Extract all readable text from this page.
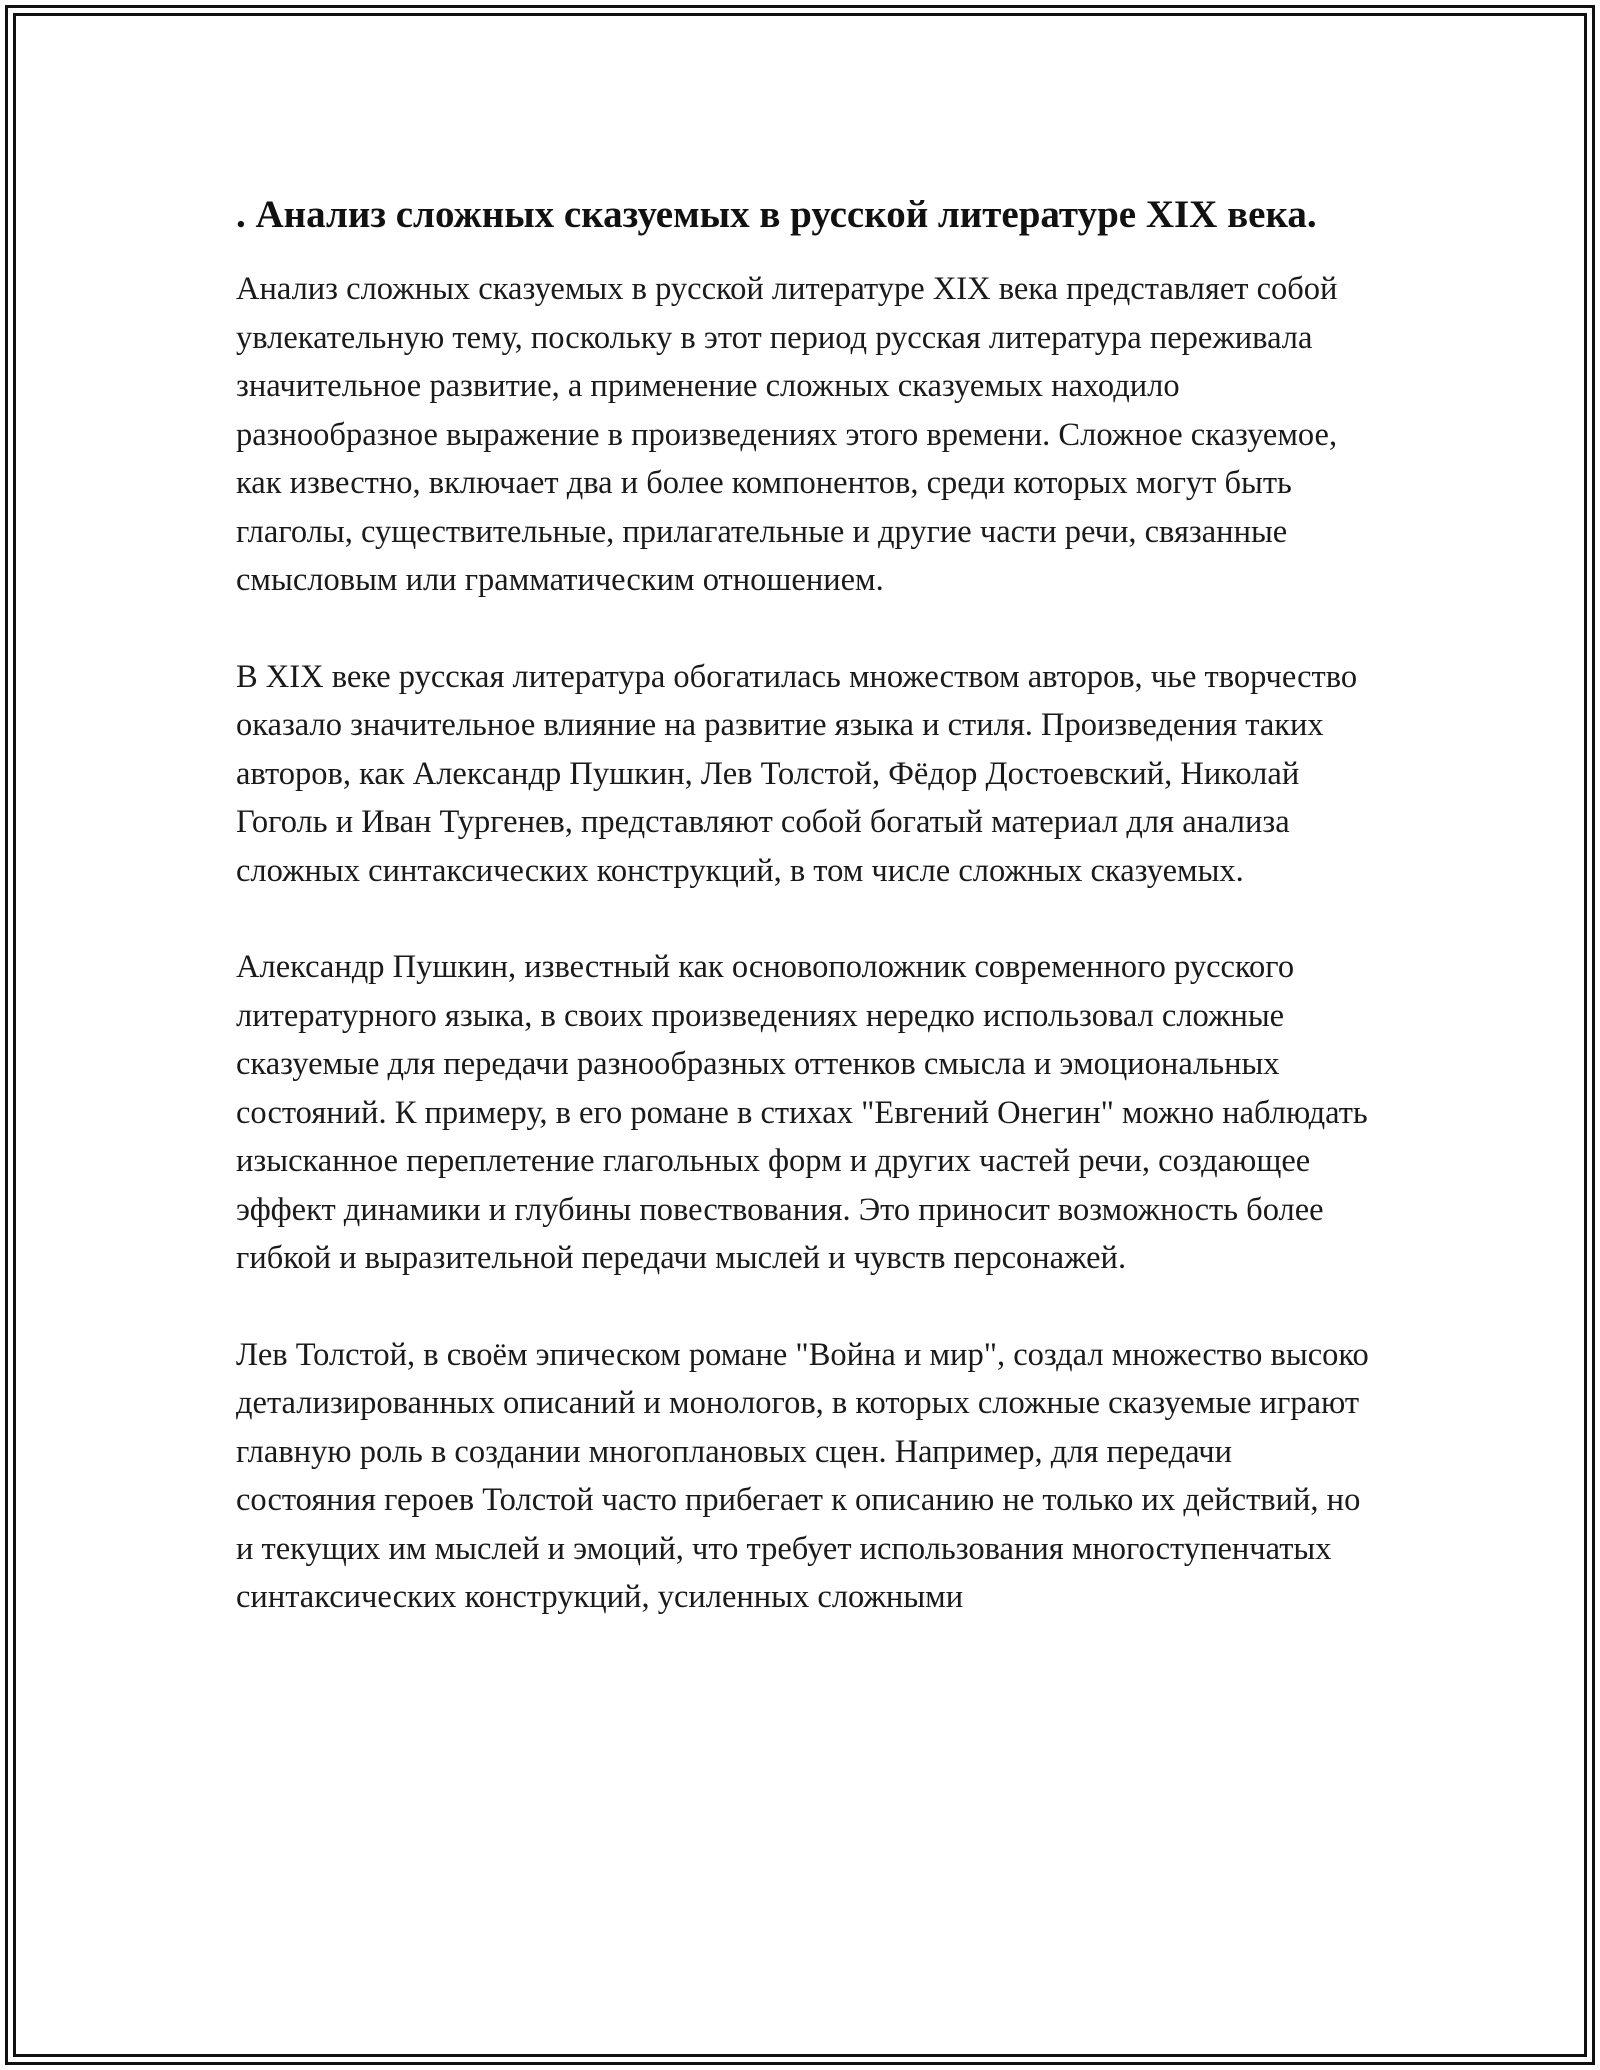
. Анализ сложных сказуемых в русской литературе XIX века.

Анализ сложных сказуемых в русской литературе XIX века представляет собой увлекательную тему, поскольку в этот период русская литература переживала значительное развитие, а применение сложных сказуемых находило разнообразное выражение в произведениях этого времени. Сложное сказуемое, как известно, включает два и более компонентов, среди которых могут быть глаголы, существительные, прилагательные и другие части речи, связанные смысловым или грамматическим отношением.

В XIX веке русская литература обогатилась множеством авторов, чье творчество оказало значительное влияние на развитие языка и стиля. Произведения таких авторов, как Александр Пушкин, Лев Толстой, Фёдор Достоевский, Николай Гоголь и Иван Тургенев, представляют собой богатый материал для анализа сложных синтаксических конструкций, в том числе сложных сказуемых.

Александр Пушкин, известный как основоположник современного русского литературного языка, в своих произведениях нередко использовал сложные сказуемые для передачи разнообразных оттенков смысла и эмоциональных состояний. К примеру, в его романе в стихах "Евгений Онегин" можно наблюдать изысканное переплетение глагольных форм и других частей речи, создающее эффект динамики и глубины повествования. Это приносит возможность более гибкой и выразительной передачи мыслей и чувств персонажей.

Лев Толстой, в своём эпическом романе "Война и мир", создал множество высоко детализированных описаний и монологов, в которых сложные сказуемые играют главную роль в создании многоплановых сцен. Например, для передачи состояния героев Толстой часто прибегает к описанию не только их действий, но и текущих им мыслей и эмоций, что требует использования многоступенчатых синтаксических конструкций, усиленных сложными
